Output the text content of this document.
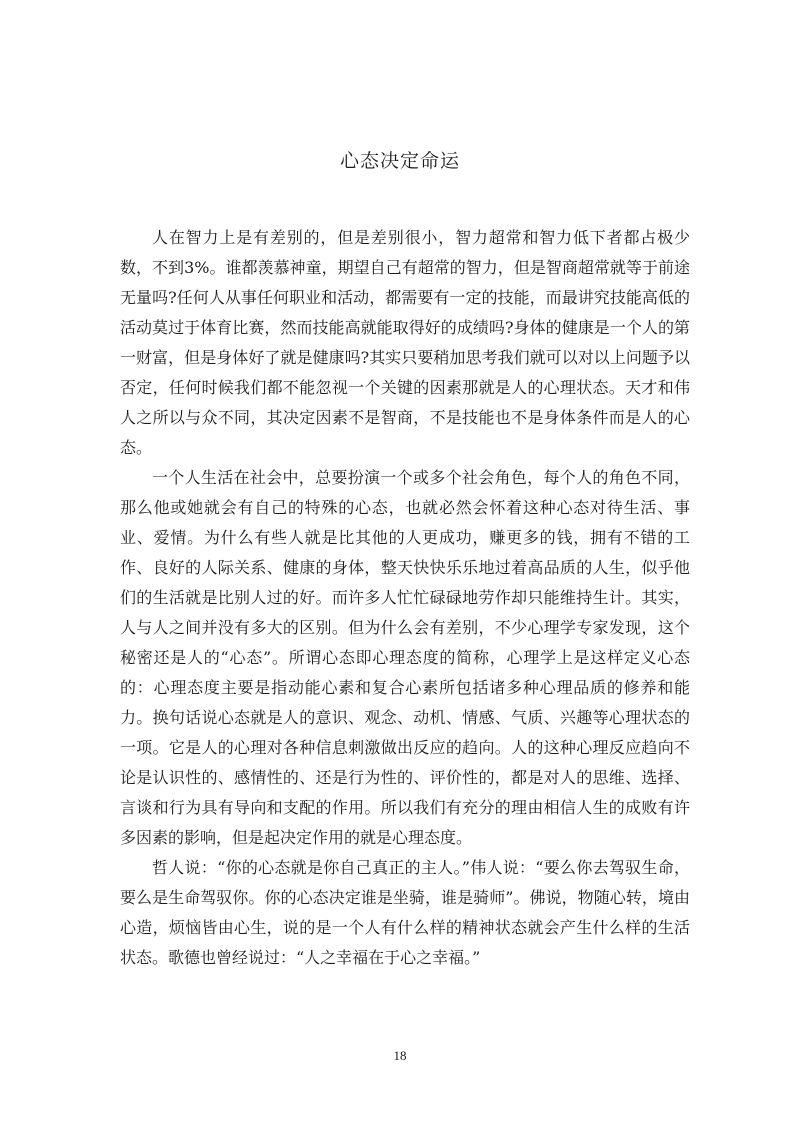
心态决定命运

人在智力上是有差别的，但是差别很小，智力超常和智力低下者都占极少数，不到3%。谁都羡慕神童，期望自己有超常的智力，但是智商超常就等于前途无量吗?任何人从事任何职业和活动，都需要有一定的技能，而最讲究技能高低的活动莫过于体育比赛，然而技能高就能取得好的成绩吗?身体的健康是一个人的第一财富，但是身体好了就是健康吗?其实只要稍加思考我们就可以对以上问题予以否定，任何时候我们都不能忽视一个关键的因素那就是人的心理状态。天才和伟人之所以与众不同，其决定因素不是智商，不是技能也不是身体条件而是人的心态。

一个人生活在社会中，总要扮演一个或多个社会角色，每个人的角色不同，那么他或她就会有自己的特殊的心态，也就必然会怀着这种心态对待生活、事业、爱情。为什么有些人就是比其他的人更成功，赚更多的钱，拥有不错的工作、良好的人际关系、健康的身体，整天快快乐乐地过着高品质的人生，似乎他们的生活就是比别人过的好。而许多人忙忙碌碌地劳作却只能维持生计。其实，人与人之间并没有多大的区别。但为什么会有差别，不少心理学专家发现，这个秘密还是人的“心态”。所谓心态即心理态度的简称，心理学上是这样定义心态的：心理态度主要是指动能心素和复合心素所包括诸多种心理品质的修养和能力。换句话说心态就是人的意识、观念、动机、情感、气质、兴趣等心理状态的一项。它是人的心理对各种信息刺激做出反应的趋向。人的这种心理反应趋向不论是认识性的、感情性的、还是行为性的、评价性的，都是对人的思维、选择、言谈和行为具有导向和支配的作用。所以我们有充分的理由相信人生的成败有许多因素的影响，但是起决定作用的就是心理态度。

哲人说：“你的心态就是你自己真正的主人。”伟人说：“要么你去驾驭生命，要么是生命驾驭你。你的心态决定谁是坐骑，谁是骑师”。佛说，物随心转，境由心造，烦恼皆由心生，说的是一个人有什么样的精神状态就会产生什么样的生活状态。歌德也曾经说过：“人之幸福在于心之幸福。”

18
